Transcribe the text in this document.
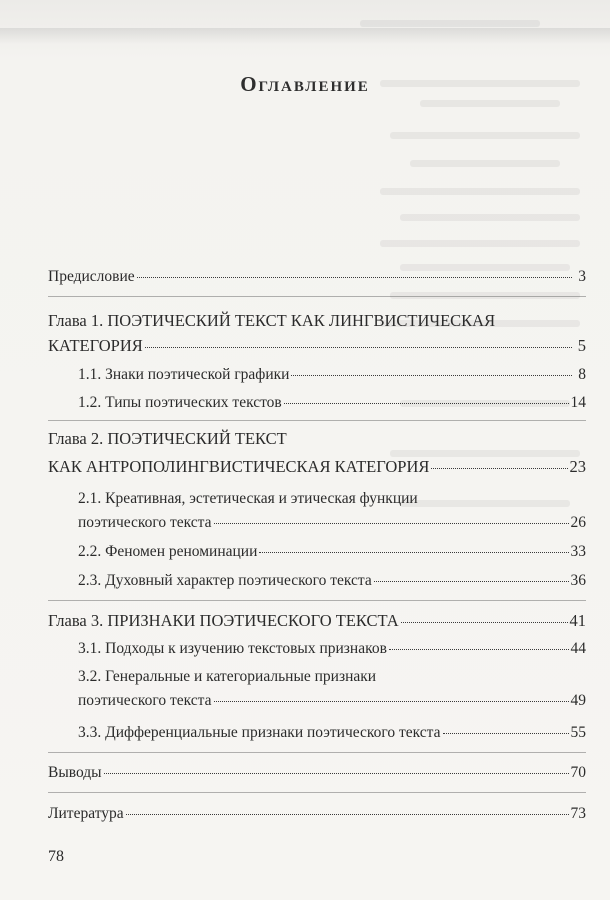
Оглавление
Предисловие	3
Глава 1. ПОЭТИЧЕСКИЙ ТЕКСТ КАК ЛИНГВИСТИЧЕСКАЯ
КАТЕГОРИЯ	5
1.1. Знаки поэтической графики	8
1.2. Типы поэтических текстов	14
Глава 2. ПОЭТИЧЕСКИЙ ТЕКСТ
КАК АНТРОПОЛИНГВИСТИЧЕСКАЯ КАТЕГОРИЯ	23
2.1. Креативная, эстетическая и этическая функции
поэтического текста	26
2.2. Феномен реноминации	33
2.3. Духовный характер поэтического текста	36
Глава 3. ПРИЗНАКИ ПОЭТИЧЕСКОГО ТЕКСТА	41
3.1. Подходы к изучению текстовых признаков	44
3.2. Генеральные и категориальные признаки
поэтического текста	49
3.3. Дифференциальные признаки поэтического текста	55
Выводы	70
Литература	73
78
